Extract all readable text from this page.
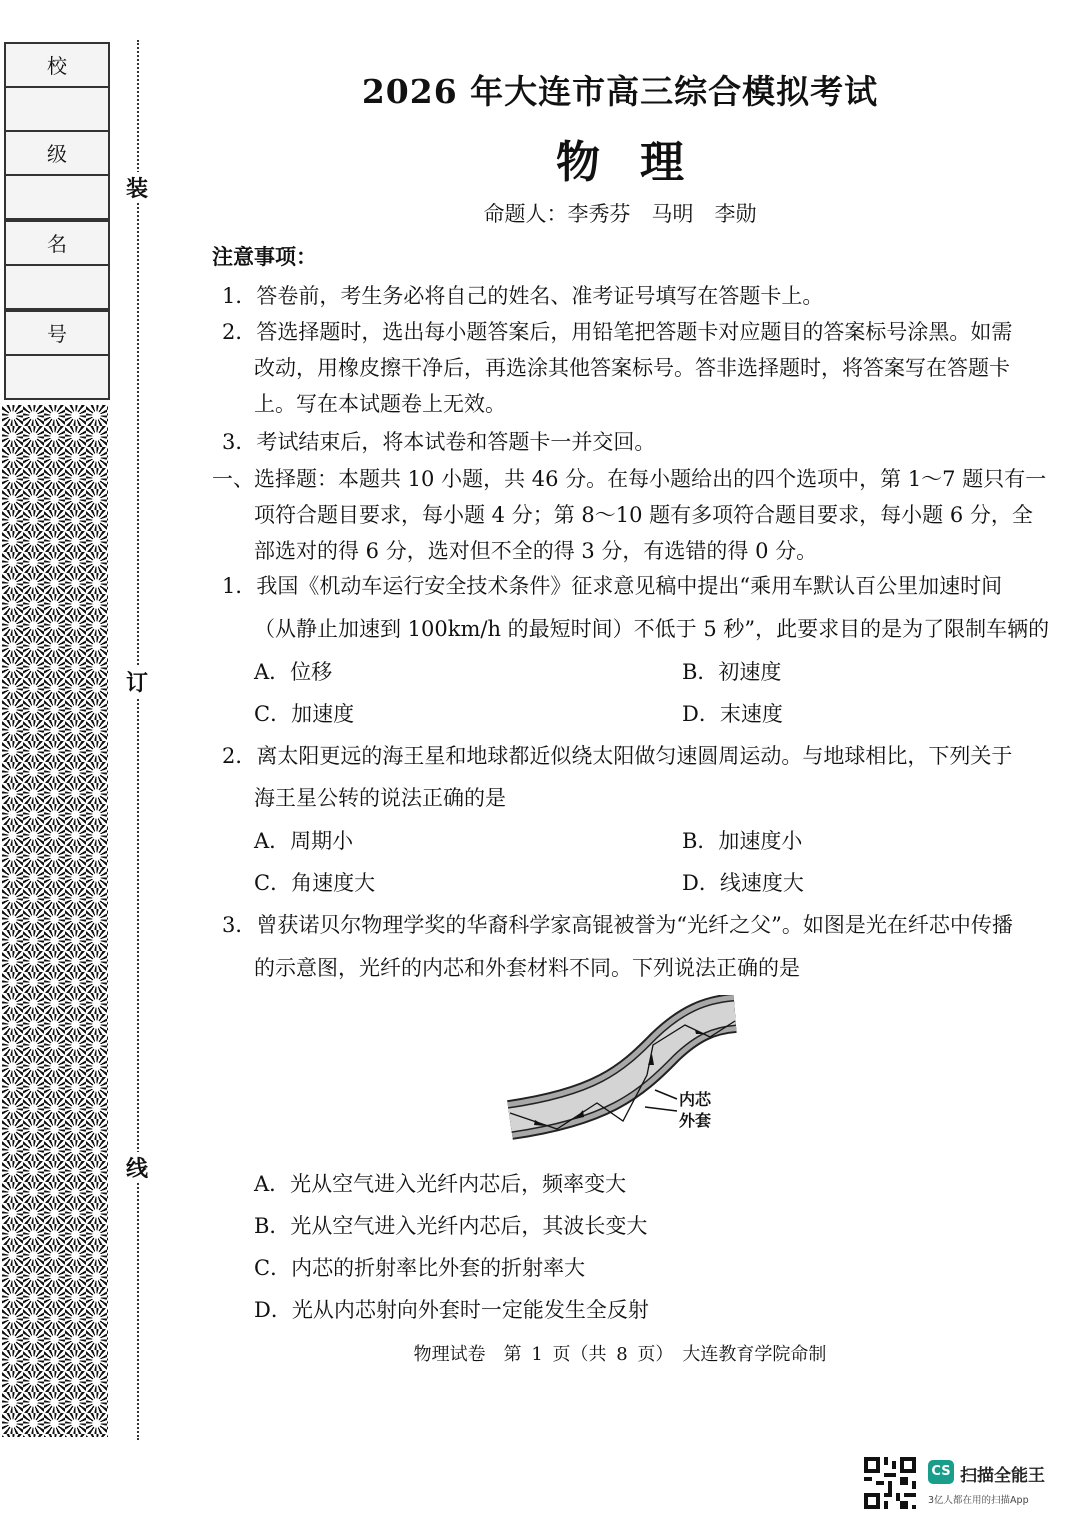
校
级
名
号
装
订
线
2026 年大连市高三综合模拟考试
物理
命题人：李秀芬　马明　李勋
注意事项：
1．答卷前，考生务必将自己的姓名、准考证号填写在答题卡上。
2．答选择题时，选出每小题答案后，用铅笔把答题卡对应题目的答案标号涂黑。如需
改动，用橡皮擦干净后，再选涂其他答案标号。答非选择题时，将答案写在答题卡
上。写在本试题卷上无效。
3．考试结束后，将本试卷和答题卡一并交回。
一、选择题：本题共 10 小题，共 46 分。在每小题给出的四个选项中，第 1～7 题只有一
项符合题目要求，每小题 4 分；第 8～10 题有多项符合题目要求，每小题 6 分，全
部选对的得 6 分，选对但不全的得 3 分，有选错的得 0 分。
1．我国《机动车运行安全技术条件》征求意见稿中提出“乘用车默认百公里加速时间
（从静止加速到 100km/h 的最短时间）不低于 5 秒”，此要求目的是为了限制车辆的
A．位移	B．初速度
C．加速度	D．末速度
2．离太阳更远的海王星和地球都近似绕太阳做匀速圆周运动。与地球相比，下列关于
海王星公转的说法正确的是
A．周期小	B．加速度小
C．角速度大	D．线速度大
3．曾获诺贝尔物理学奖的华裔科学家高锟被誉为“光纤之父”。如图是光在纤芯中传播
的示意图，光纤的内芯和外套材料不同。下列说法正确的是
内芯
外套
A．光从空气进入光纤内芯后，频率变大
B．光从空气进入光纤内芯后，其波长变大
C．内芯的折射率比外套的折射率大
D．光从内芯射向外套时一定能发生全反射
物理试卷　第 1 页（共 8 页）　大连教育学院命制
CS 扫描全能王
3亿人都在用的扫描App
